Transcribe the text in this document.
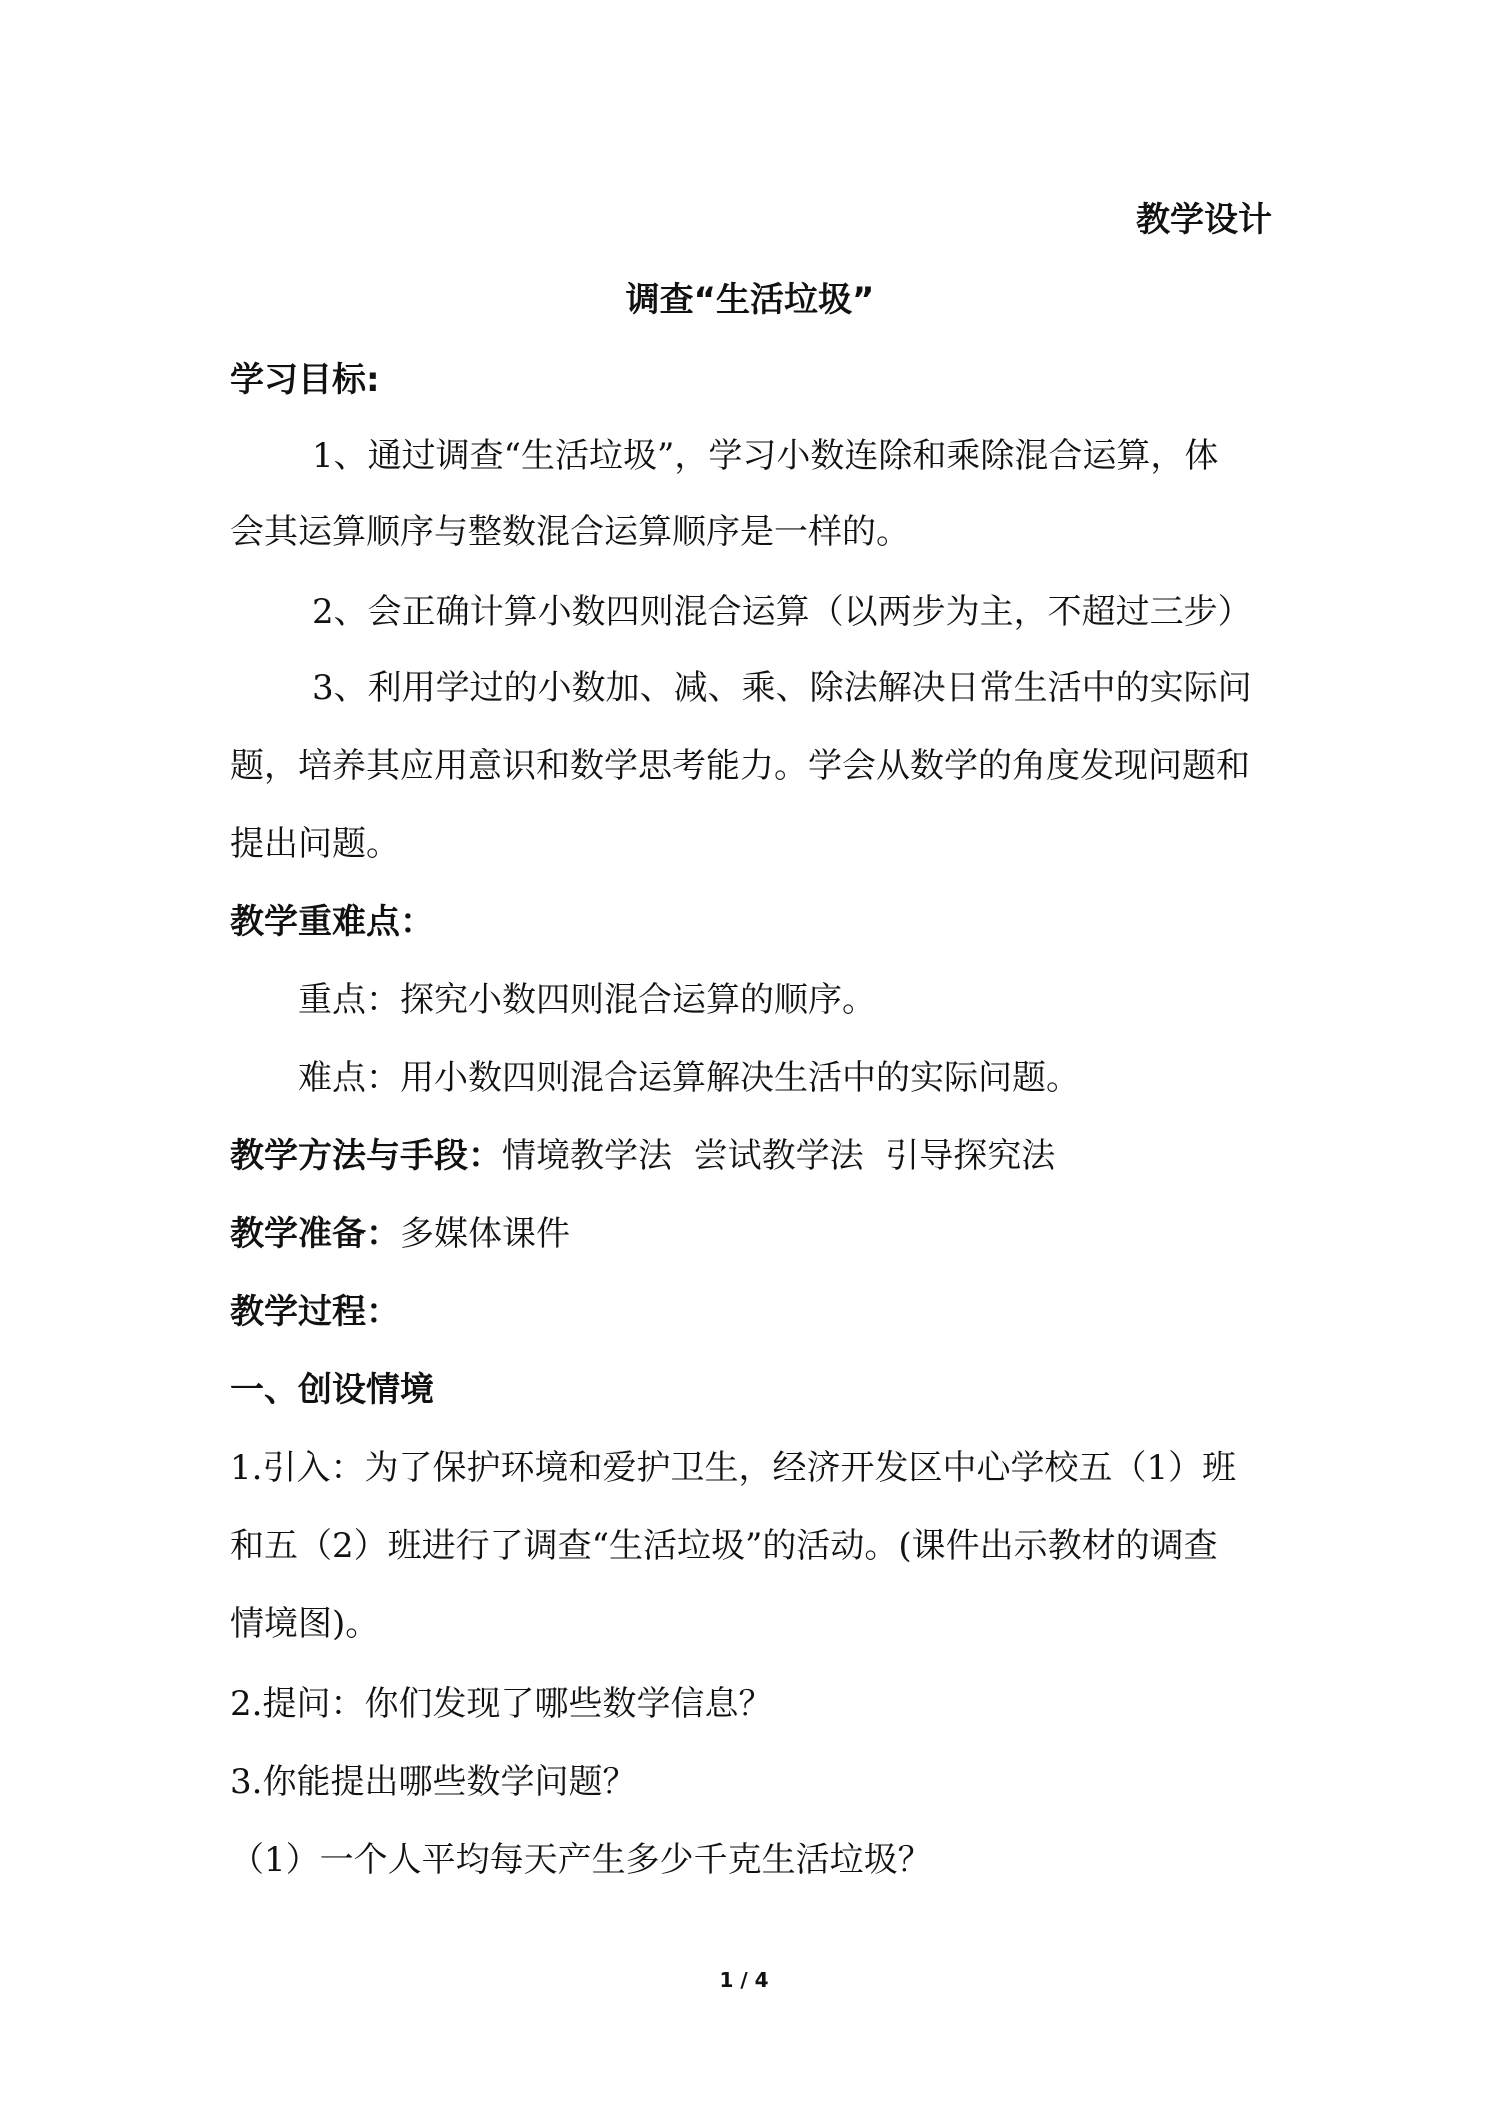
教学设计
调查“生活垃圾”
学习目标:
1、通过调查“生活垃圾”，学习小数连除和乘除混合运算，体
会其运算顺序与整数混合运算顺序是一样的。
2、会正确计算小数四则混合运算（以两步为主，不超过三步）
3、利用学过的小数加、减、乘、除法解决日常生活中的实际问
题，培养其应用意识和数学思考能力。学会从数学的角度发现问题和
提出问题。
教学重难点：
重点：探究小数四则混合运算的顺序。
难点：用小数四则混合运算解决生活中的实际问题。
教学方法与手段：情境教学法  尝试教学法  引导探究法
教学准备：多媒体课件
教学过程：
一、创设情境
1.引入：为了保护环境和爱护卫生，经济开发区中心学校五（1）班
和五（2）班进行了调查“生活垃圾”的活动。(课件出示教材的调查
情境图)。
2.提问：你们发现了哪些数学信息？
3.你能提出哪些数学问题？
（1）一个人平均每天产生多少千克生活垃圾？
1 / 4
